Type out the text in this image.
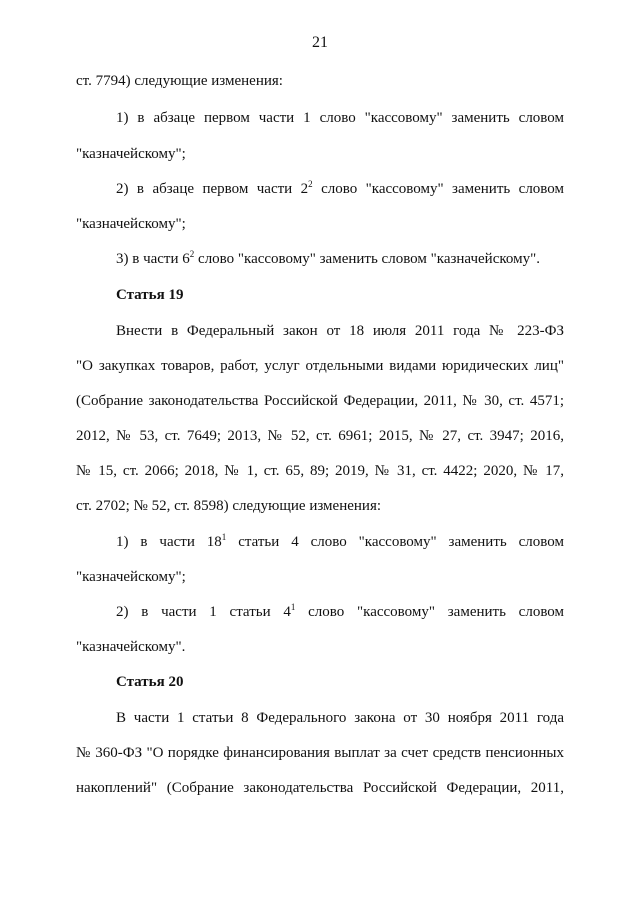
21
ст. 7794) следующие изменения:
1) в абзаце первом части 1 слово "кассовому" заменить словом
"казначейскому";
2) в абзаце первом части $2^2$ слово "кассовому" заменить словом
"казначейскому";
3) в части $6^2$ слово "кассовому" заменить словом "казначейскому".
Статья 19
Внести в Федеральный закон от 18 июля 2011 года № 223-ФЗ
"О закупках товаров, работ, услуг отдельными видами юридических лиц"
(Собрание законодательства Российской Федерации, 2011, № 30, ст. 4571;
2012, № 53, ст. 7649; 2013, № 52, ст. 6961; 2015, № 27, ст. 3947; 2016,
№ 15, ст. 2066; 2018, № 1, ст. 65, 89; 2019, № 31, ст. 4422; 2020, № 17,
ст. 2702; № 52, ст. 8598) следующие изменения:
1) в части $18^1$ статьи 4 слово "кассовому" заменить словом
"казначейскому";
2) в части 1 статьи $4^1$ слово "кассовому" заменить словом
"казначейскому".
Статья 20
В части 1 статьи 8 Федерального закона от 30 ноября 2011 года
№ 360-ФЗ "О порядке финансирования выплат за счет средств пенсионных
накоплений" (Собрание законодательства Российской Федерации, 2011,
